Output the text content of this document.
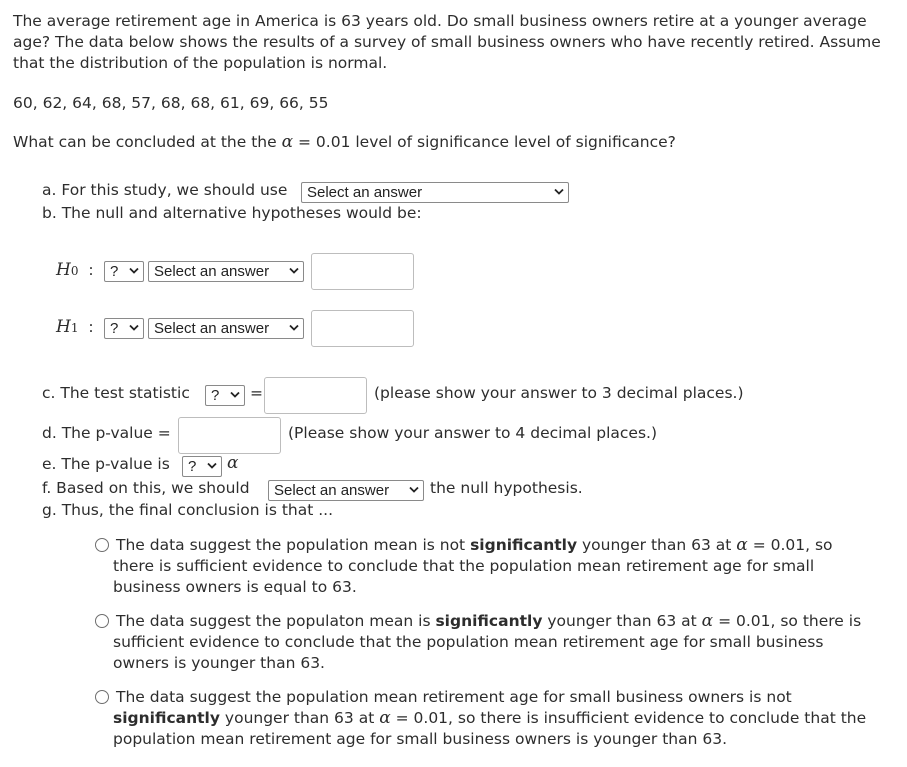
The average retirement age in America is 63 years old. Do small business owners retire at a younger average age? The data below shows the results of a survey of small business owners who have recently retired. Assume that the distribution of the population is normal.
60, 62, 64, 68, 57, 68, 68, 61, 69, 66, 55
What can be concluded at the the α = 0.01 level of significance level of significance?
a. For this study, we should use	Select an answer
b. The null and alternative hypotheses would be:
H0 :	?	Select an answer
H1 :	?	Select an answer
c. The test statistic	?	=	(please show your answer to 3 decimal places.)
d. The p-value =	(Please show your answer to 4 decimal places.)
e. The p-value is	?	α
f. Based on this, we should	Select an answer	the null hypothesis.
g. Thus, the final conclusion is that ...
The data suggest the population mean is not significantly younger than 63 at α = 0.01, so
there is sufficient evidence to conclude that the population mean retirement age for small
business owners is equal to 63.
The data suggest the populaton mean is significantly younger than 63 at α = 0.01, so there is
sufficient evidence to conclude that the population mean retirement age for small business
owners is younger than 63.
The data suggest the population mean retirement age for small business owners is not
significantly younger than 63 at α = 0.01, so there is insufficient evidence to conclude that the
population mean retirement age for small business owners is younger than 63.
